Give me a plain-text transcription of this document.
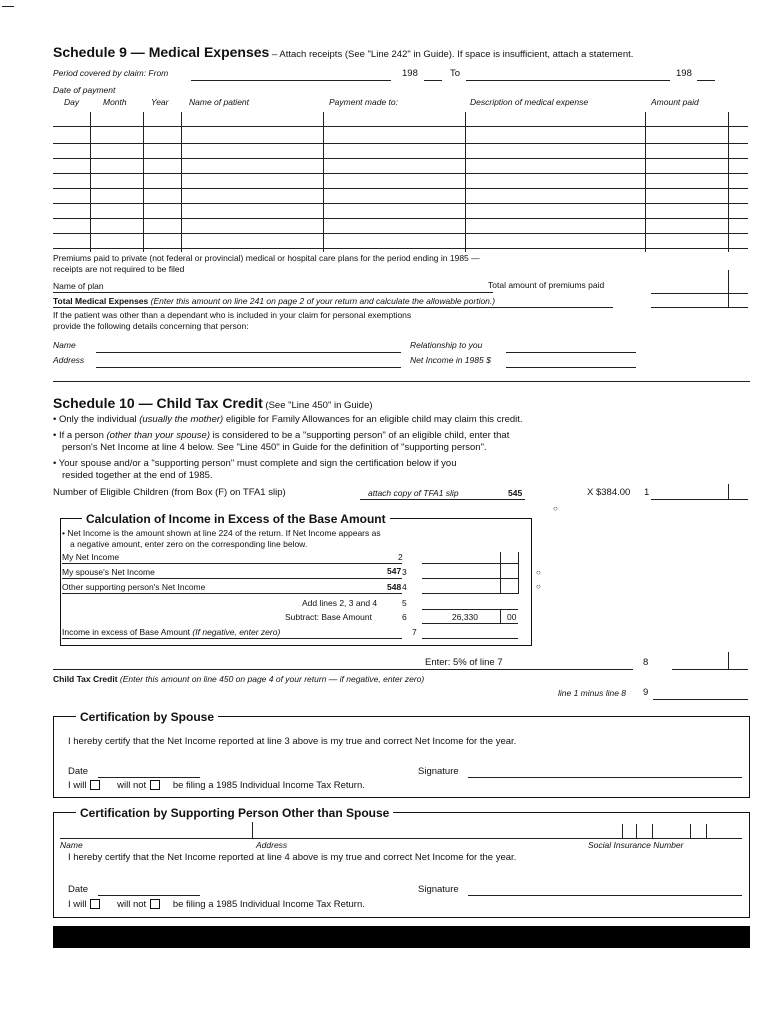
Schedule 9 — Medical Expenses – Attach receipts (See "Line 242" in Guide). If space is insufficient, attach a statement.
Period covered by claim: From	198	To	198
Date of payment
Day	Month	Year Name of patient	Payment made to:	Description of medical expense	Amount paid
Premiums paid to private (not federal or provincial) medical or hospital care plans for the period ending in 1985 —
receipts are not required to be filed
Name of plan	Total amount of premiums paid
Total Medical Expenses (Enter this amount on line 241 on page 2 of your return and calculate the allowable portion.)
If the patient was other than a dependant who is included in your claim for personal exemptions
provide the following details concerning that person:
Name	Relationship to you
Address	Net Income in 1985 $
Schedule 10 — Child Tax Credit (See "Line 450" in Guide)
• Only the individual (usually the mother) eligible for Family Allowances for an eligible child may claim this credit.
• If a person (other than your spouse) is considered to be a "supporting person" of an eligible child, enter that
person's Net Income at line 4 below. See "Line 450" in Guide for the definition of "supporting person".
• Your spouse and/or a "supporting person" must complete and sign the certification below if you
resided together at the end of 1985.
Number of Eligible Children (from Box (F) on TFA1 slip)	attach copy of TFA1 slip	545	X $384.00 1
Calculation of Income in Excess of the Base Amount
• Net Income is the amount shown at line 224 of the return. If Net Income appears as
a negative amount, enter zero on the corresponding line below.
My Net Income	2
My spouse's Net Income	547 3
Other supporting person's Net Income	548 4
Add lines 2, 3 and 4	5
Subtract: Base Amount	6	26,330	00
Income in excess of Base Amount (If negative, enter zero)	7
○
○
○
Enter: 5% of line 7	8
Child Tax Credit (Enter this amount on line 450 on page 4 of your return — if negative, enter zero)
line 1 minus line 8 9
Certification by Spouse
I hereby certify that the Net Income reported at line 3 above is my true and correct Net Income for the year.
Date	Signature
I will	will not	be filing a 1985 Individual Income Tax Return.
Certification by Supporting Person Other than Spouse
Name	Address	Social Insurance Number
I hereby certify that the Net Income reported at line 4 above is my true and correct Net Income for the year.
Date	Signature
I will	will not	be filing a 1985 Individual Income Tax Return.
